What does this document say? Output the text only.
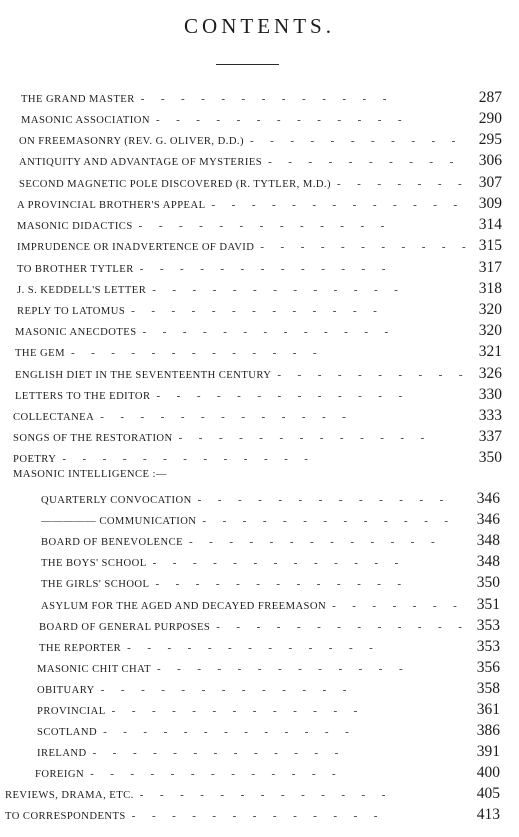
CONTENTS.
THE GRAND MASTER -	287
MASONIC ASSOCIATION -	290
ON FREEMASONRY (REV. G. OLIVER, D.D.) -	295
ANTIQUITY AND ADVANTAGE OF MYSTERIES -	306
SECOND MAGNETIC POLE DISCOVERED (R. TYTLER, M.D.) -	307
A PROVINCIAL BROTHER'S APPEAL -	309
MASONIC DIDACTICS -	314
IMPRUDENCE OR INADVERTENCE OF DAVID -	315
TO BROTHER TYTLER -	317
J. S. KEDDELL'S LETTER -	318
REPLY TO LATOMUS -	320
MASONIC ANECDOTES -	320
THE GEM -	321
ENGLISH DIET IN THE SEVENTEENTH CENTURY -	326
LETTERS TO THE EDITOR -	330
COLLECTANEA -	333
SONGS OF THE RESTORATION -	337
POETRY -	350
MASONIC INTELLIGENCE :—
QUARTERLY CONVOCATION -	346
————— COMMUNICATION -	346
BOARD OF BENEVOLENCE -	348
THE BOYS' SCHOOL -	348
THE GIRLS' SCHOOL -	350
ASYLUM FOR THE AGED AND DECAYED FREEMASON -	351
BOARD OF GENERAL PURPOSES -	353
THE REPORTER -	353
MASONIC CHIT CHAT -	356
OBITUARY -	358
PROVINCIAL -	361
SCOTLAND -	386
IRELAND -	391
FOREIGN -	400
REVIEWS, DRAMA, ETC. -	405
TO CORRESPONDENTS -	413
